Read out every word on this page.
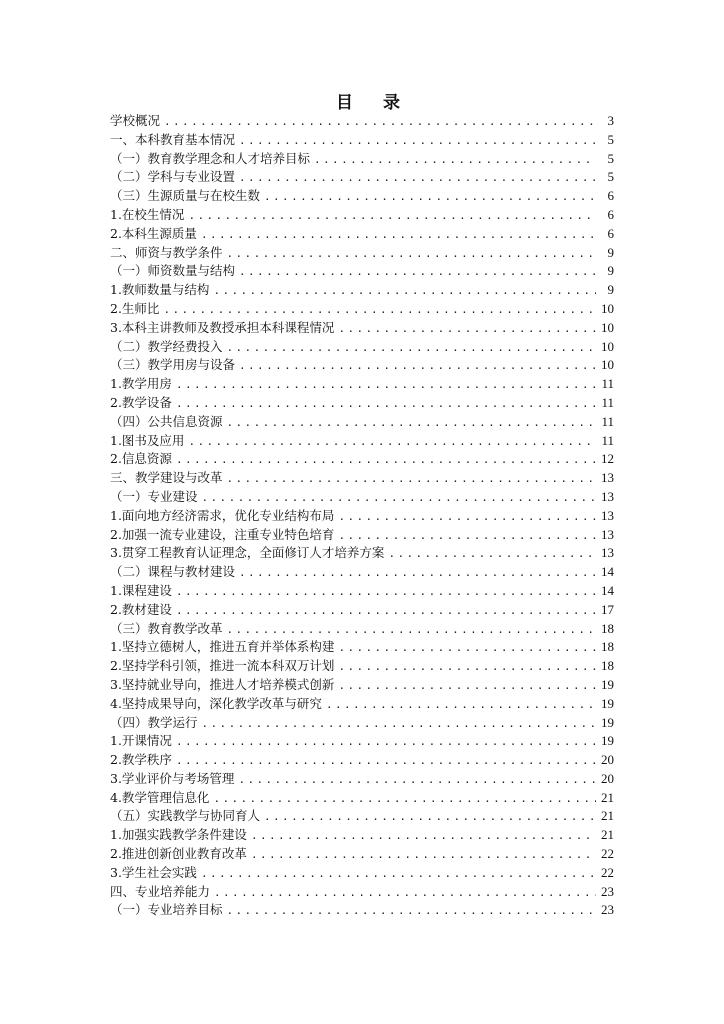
目 录
学校概况 .....	3
一、本科教育基本情况 .....	5
（一）教育教学理念和人才培养目标 .....	5
（二）学科与专业设置 .....	5
（三）生源质量与在校生数 .....	6
1.在校生情况 .....	6
2.本科生源质量 .....	6
二、师资与教学条件 .....	9
（一）师资数量与结构 .....	9
1.教师数量与结构 .....	9
2.生师比 .....	10
3.本科主讲教师及教授承担本科课程情况 .....	10
（二）教学经费投入 .....	10
（三）教学用房与设备 .....	10
1.教学用房 .....	11
2.教学设备 .....	11
（四）公共信息资源 .....	11
1.图书及应用 .....	11
2.信息资源 .....	12
三、教学建设与改革 .....	13
（一）专业建设 .....	13
1.面向地方经济需求，优化专业结构布局 .....	13
2.加强一流专业建设，注重专业特色培育 .....	13
3.贯穿工程教育认证理念，全面修订人才培养方案 .....	13
（二）课程与教材建设 .....	14
1.课程建设 .....	14
2.教材建设 .....	17
（三）教育教学改革 .....	18
1.坚持立德树人，推进五育并举体系构建 .....	18
2.坚持学科引领，推进一流本科双万计划 .....	18
3.坚持就业导向，推进人才培养模式创新 .....	19
4.坚持成果导向，深化教学改革与研究 .....	19
（四）教学运行 .....	19
1.开课情况 .....	19
2.教学秩序 .....	20
3.学业评价与考场管理 .....	20
4.教学管理信息化 .....	21
（五）实践教学与协同育人 .....	21
1.加强实践教学条件建设 .....	21
2.推进创新创业教育改革 .....	22
3.学生社会实践 .....	22
四、专业培养能力 .....	23
（一）专业培养目标 .....	23
